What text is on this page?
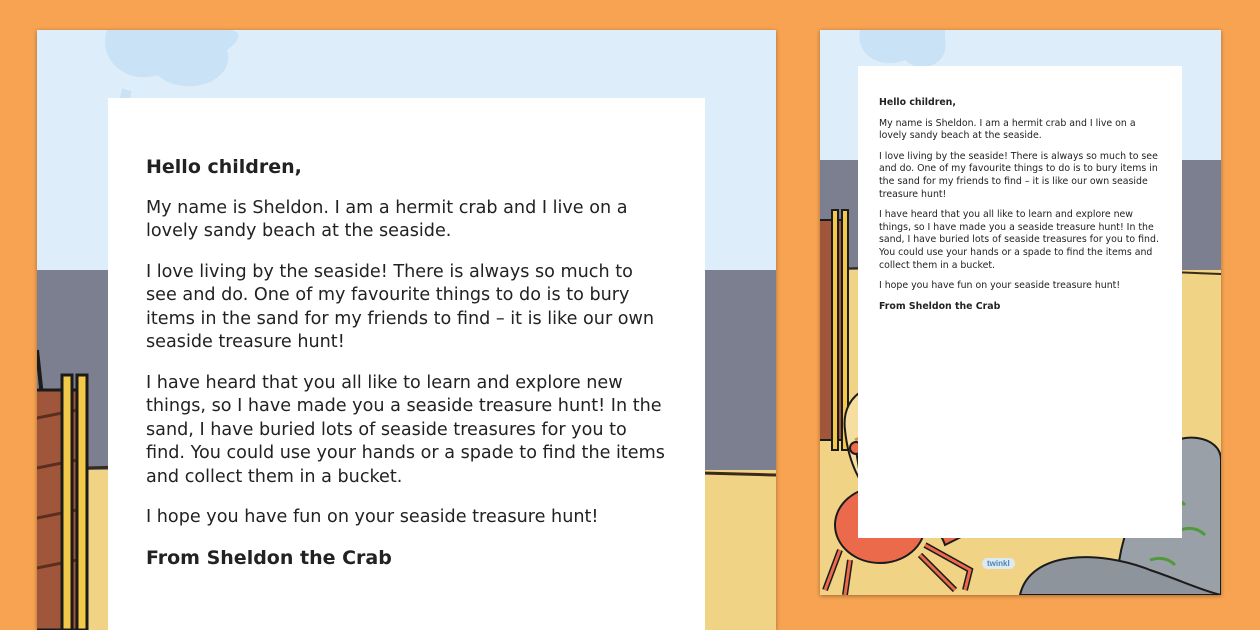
Hello children,

My name is Sheldon. I am a hermit crab and I live on a lovely sandy beach at the seaside.

I love living by the seaside! There is always so much to see and do. One of my favourite things to do is to bury items in the sand for my friends to find – it is like our own seaside treasure hunt!

I have heard that you all like to learn and explore new things, so I have made you a seaside treasure hunt! In the sand, I have buried lots of seaside treasures for you to find. You could use your hands or a spade to find the items and collect them in a bucket.

I hope you have fun on your seaside treasure hunt!

From Sheldon the Crab

Hello children,

My name is Sheldon. I am a hermit crab and I live on a lovely sandy beach at the seaside.

I love living by the seaside! There is always so much to see and do. One of my favourite things to do is to bury items in the sand for my friends to find – it is like our own seaside treasure hunt!

I have heard that you all like to learn and explore new things, so I have made you a seaside treasure hunt! In the sand, I have buried lots of seaside treasures for you to find. You could use your hands or a spade to find the items and collect them in a bucket.

I hope you have fun on your seaside treasure hunt!

From Sheldon the Crab

twinkl
